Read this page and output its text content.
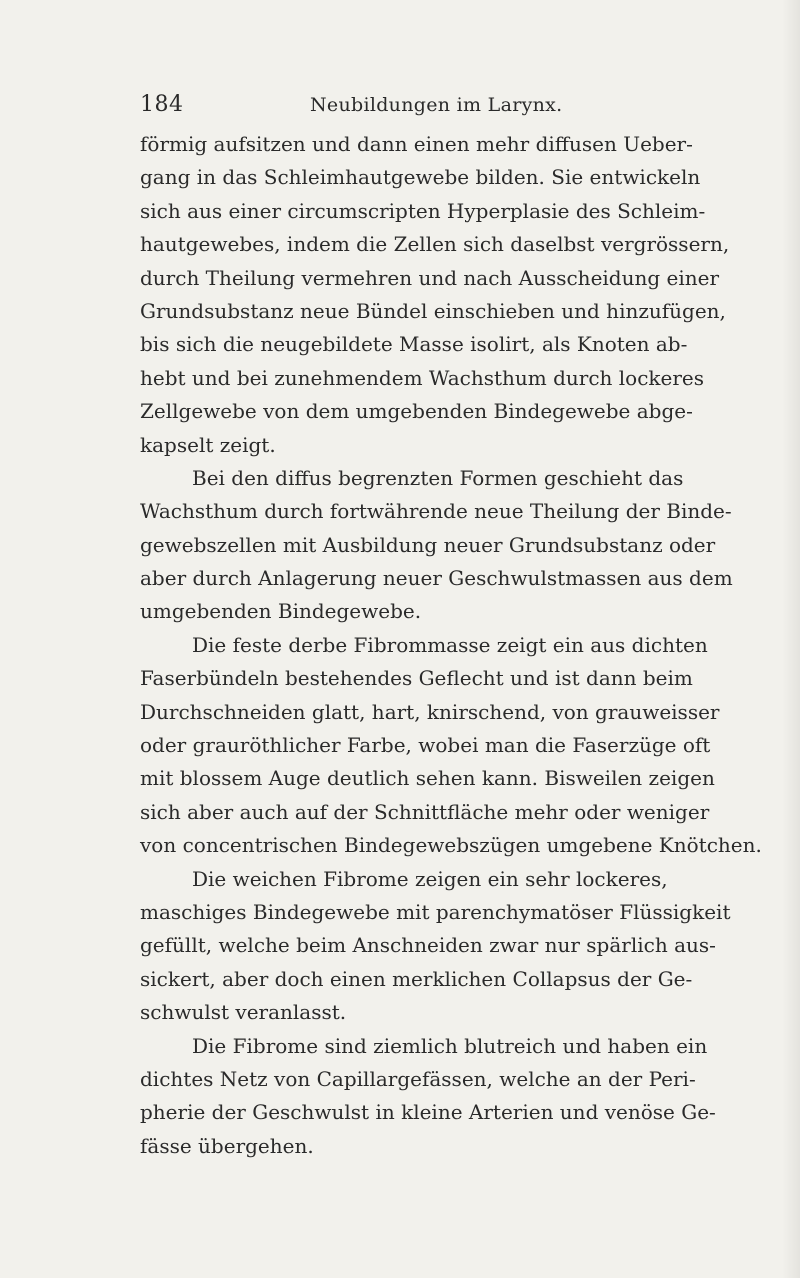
184	Neubildungen im Larynx.
förmig aufsitzen und dann einen mehr diffusen Ueber-
gang in das Schleimhautgewebe bilden. Sie entwickeln
sich aus einer circumscripten Hyperplasie des Schleim-
hautgewebes, indem die Zellen sich daselbst vergrössern,
durch Theilung vermehren und nach Ausscheidung einer
Grundsubstanz neue Bündel einschieben und hinzufügen,
bis sich die neugebildete Masse isolirt, als Knoten ab-
hebt und bei zunehmendem Wachsthum durch lockeres
Zellgewebe von dem umgebenden Bindegewebe abge-
kapselt zeigt.
Bei den diffus begrenzten Formen geschieht das
Wachsthum durch fortwährende neue Theilung der Binde-
gewebszellen mit Ausbildung neuer Grundsubstanz oder
aber durch Anlagerung neuer Geschwulstmassen aus dem
umgebenden Bindegewebe.
Die feste derbe Fibrommasse zeigt ein aus dichten
Faserbündeln bestehendes Geflecht und ist dann beim
Durchschneiden glatt, hart, knirschend, von grauweisser
oder grauröthlicher Farbe, wobei man die Faserzüge oft
mit blossem Auge deutlich sehen kann. Bisweilen zeigen
sich aber auch auf der Schnittfläche mehr oder weniger
von concentrischen Bindegewebszügen umgebene Knötchen.
Die weichen Fibrome zeigen ein sehr lockeres,
maschiges Bindegewebe mit parenchymatöser Flüssigkeit
gefüllt, welche beim Anschneiden zwar nur spärlich aus-
sickert, aber doch einen merklichen Collapsus der Ge-
schwulst veranlasst.
Die Fibrome sind ziemlich blutreich und haben ein
dichtes Netz von Capillargefässen, welche an der Peri-
pherie der Geschwulst in kleine Arterien und venöse Ge-
fässe übergehen.
